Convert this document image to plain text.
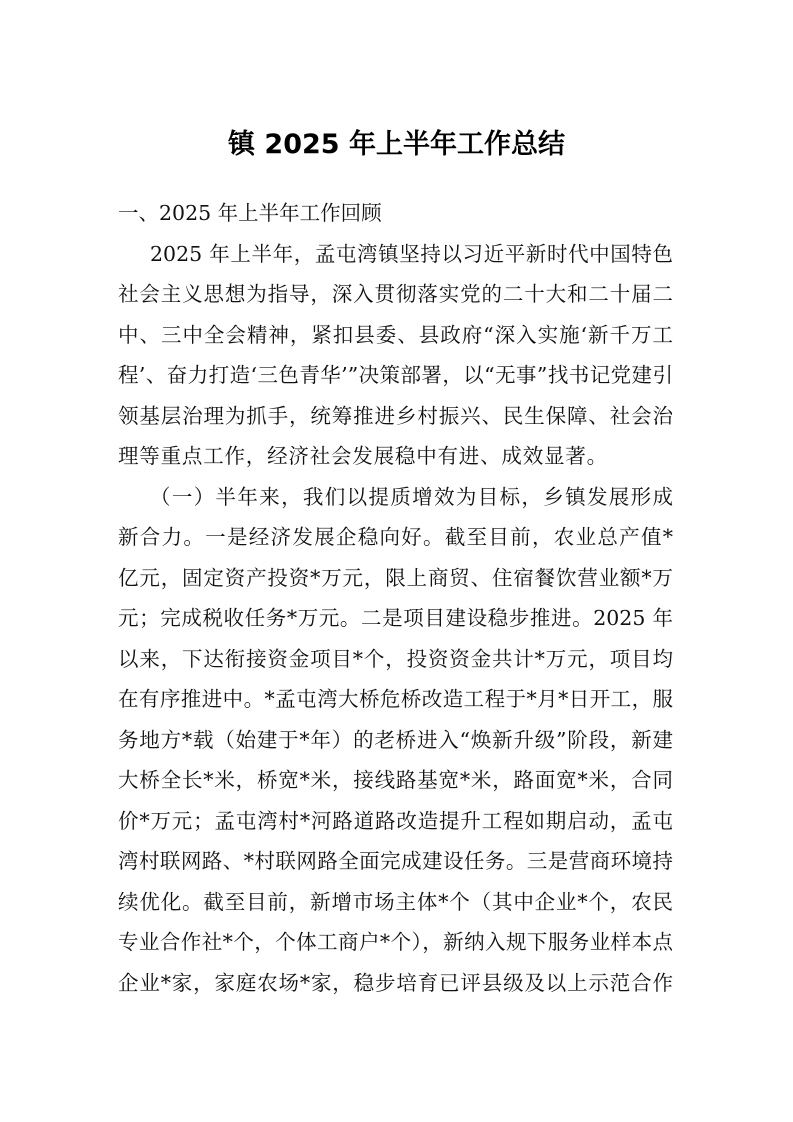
镇 2025 年上半年工作总结
一、2025 年上半年工作回顾
2025 年上半年，孟屯湾镇坚持以习近平新时代中国特色
社会主义思想为指导，深入贯彻落实党的二十大和二十届二
中、三中全会精神，紧扣县委、县政府“深入实施‘新千万工
程’、奋力打造‘三色青华’”决策部署，以“无事”找书记党建引
领基层治理为抓手，统筹推进乡村振兴、民生保障、社会治
理等重点工作，经济社会发展稳中有进、成效显著。
（一）半年来，我们以提质增效为目标，乡镇发展形成
新合力。一是经济发展企稳向好。截至目前，农业总产值*
亿元，固定资产投资*万元，限上商贸、住宿餐饮营业额*万
元；完成税收任务*万元。二是项目建设稳步推进。2025 年
以来，下达衔接资金项目*个，投资资金共计*万元，项目均
在有序推进中。*孟屯湾大桥危桥改造工程于*月*日开工，服
务地方*载（始建于*年）的老桥进入“焕新升级”阶段，新建
大桥全长*米，桥宽*米，接线路基宽*米，路面宽*米，合同
价*万元；孟屯湾村*河路道路改造提升工程如期启动，孟屯
湾村联网路、*村联网路全面完成建设任务。三是营商环境持
续优化。截至目前，新增市场主体*个（其中企业*个，农民
专业合作社*个，个体工商户*个），新纳入规下服务业样本点
企业*家，家庭农场*家，稳步培育已评县级及以上示范合作
